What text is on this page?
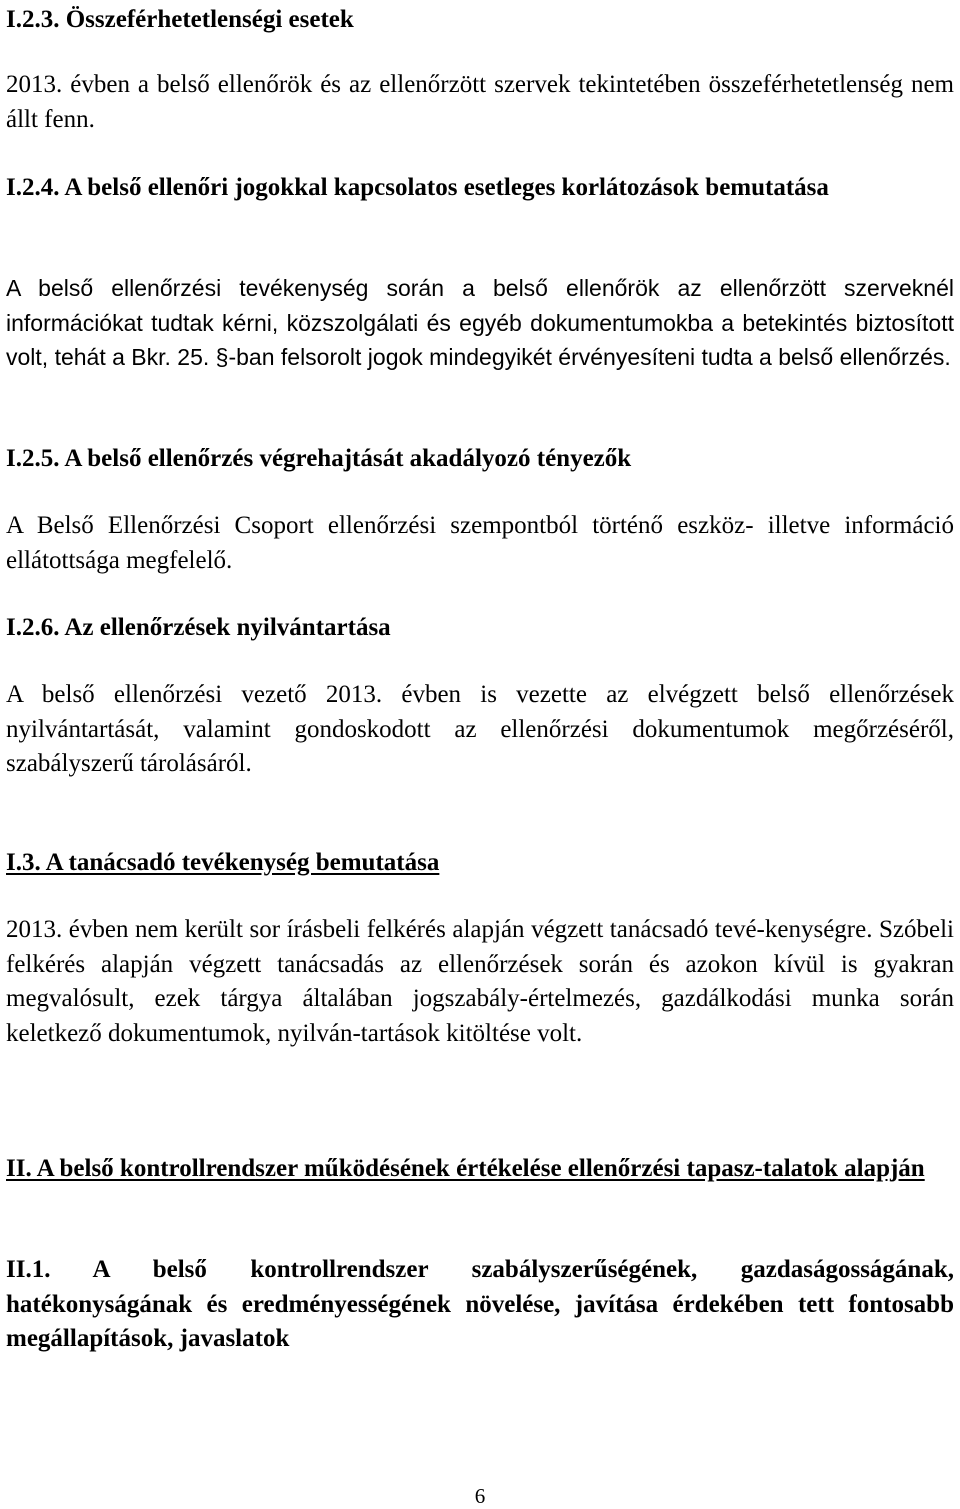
I.2.3. Összeférhetetlenségi esetek

2013. évben a belső ellenőrök és az ellenőrzött szervek tekintetében összeférhetetlenség nem állt fenn.

I.2.4. A belső ellenőri jogokkal kapcsolatos esetleges korlátozások bemutatása

A belső ellenőrzési tevékenység során a belső ellenőrök az ellenőrzött szerveknél információkat tudtak kérni, közszolgálati és egyéb dokumentumokba a betekintés biztosított volt, tehát a Bkr. 25. §-ban felsorolt jogok mindegyikét érvényesíteni tudta a belső ellenőrzés.

I.2.5. A belső ellenőrzés végrehajtását akadályozó tényezők

A Belső Ellenőrzési Csoport ellenőrzési szempontból történő eszköz- illetve információ ellátottsága megfelelő.

I.2.6. Az ellenőrzések nyilvántartása

A belső ellenőrzési vezető 2013. évben is vezette az elvégzett belső ellenőrzések nyilvántartását, valamint gondoskodott az ellenőrzési dokumentumok megőrzéséről, szabályszerű tárolásáról.

I.3. A tanácsadó tevékenység bemutatása

2013. évben nem került sor írásbeli felkérés alapján végzett tanácsadó tevé-kenységre. Szóbeli felkérés alapján végzett tanácsadás az ellenőrzések során és azokon kívül is gyakran megvalósult, ezek tárgya általában jogszabály-értelmezés, gazdálkodási munka során keletkező dokumentumok, nyilván-tartások kitöltése volt.

II. A belső kontrollrendszer működésének értékelése ellenőrzési tapasz-talatok alapján

II.1. A belső kontrollrendszer szabályszerűségének, gazdaságosságának, hatékonyságának és eredményességének növelése, javítása érdekében tett fontosabb megállapítások, javaslatok

6
